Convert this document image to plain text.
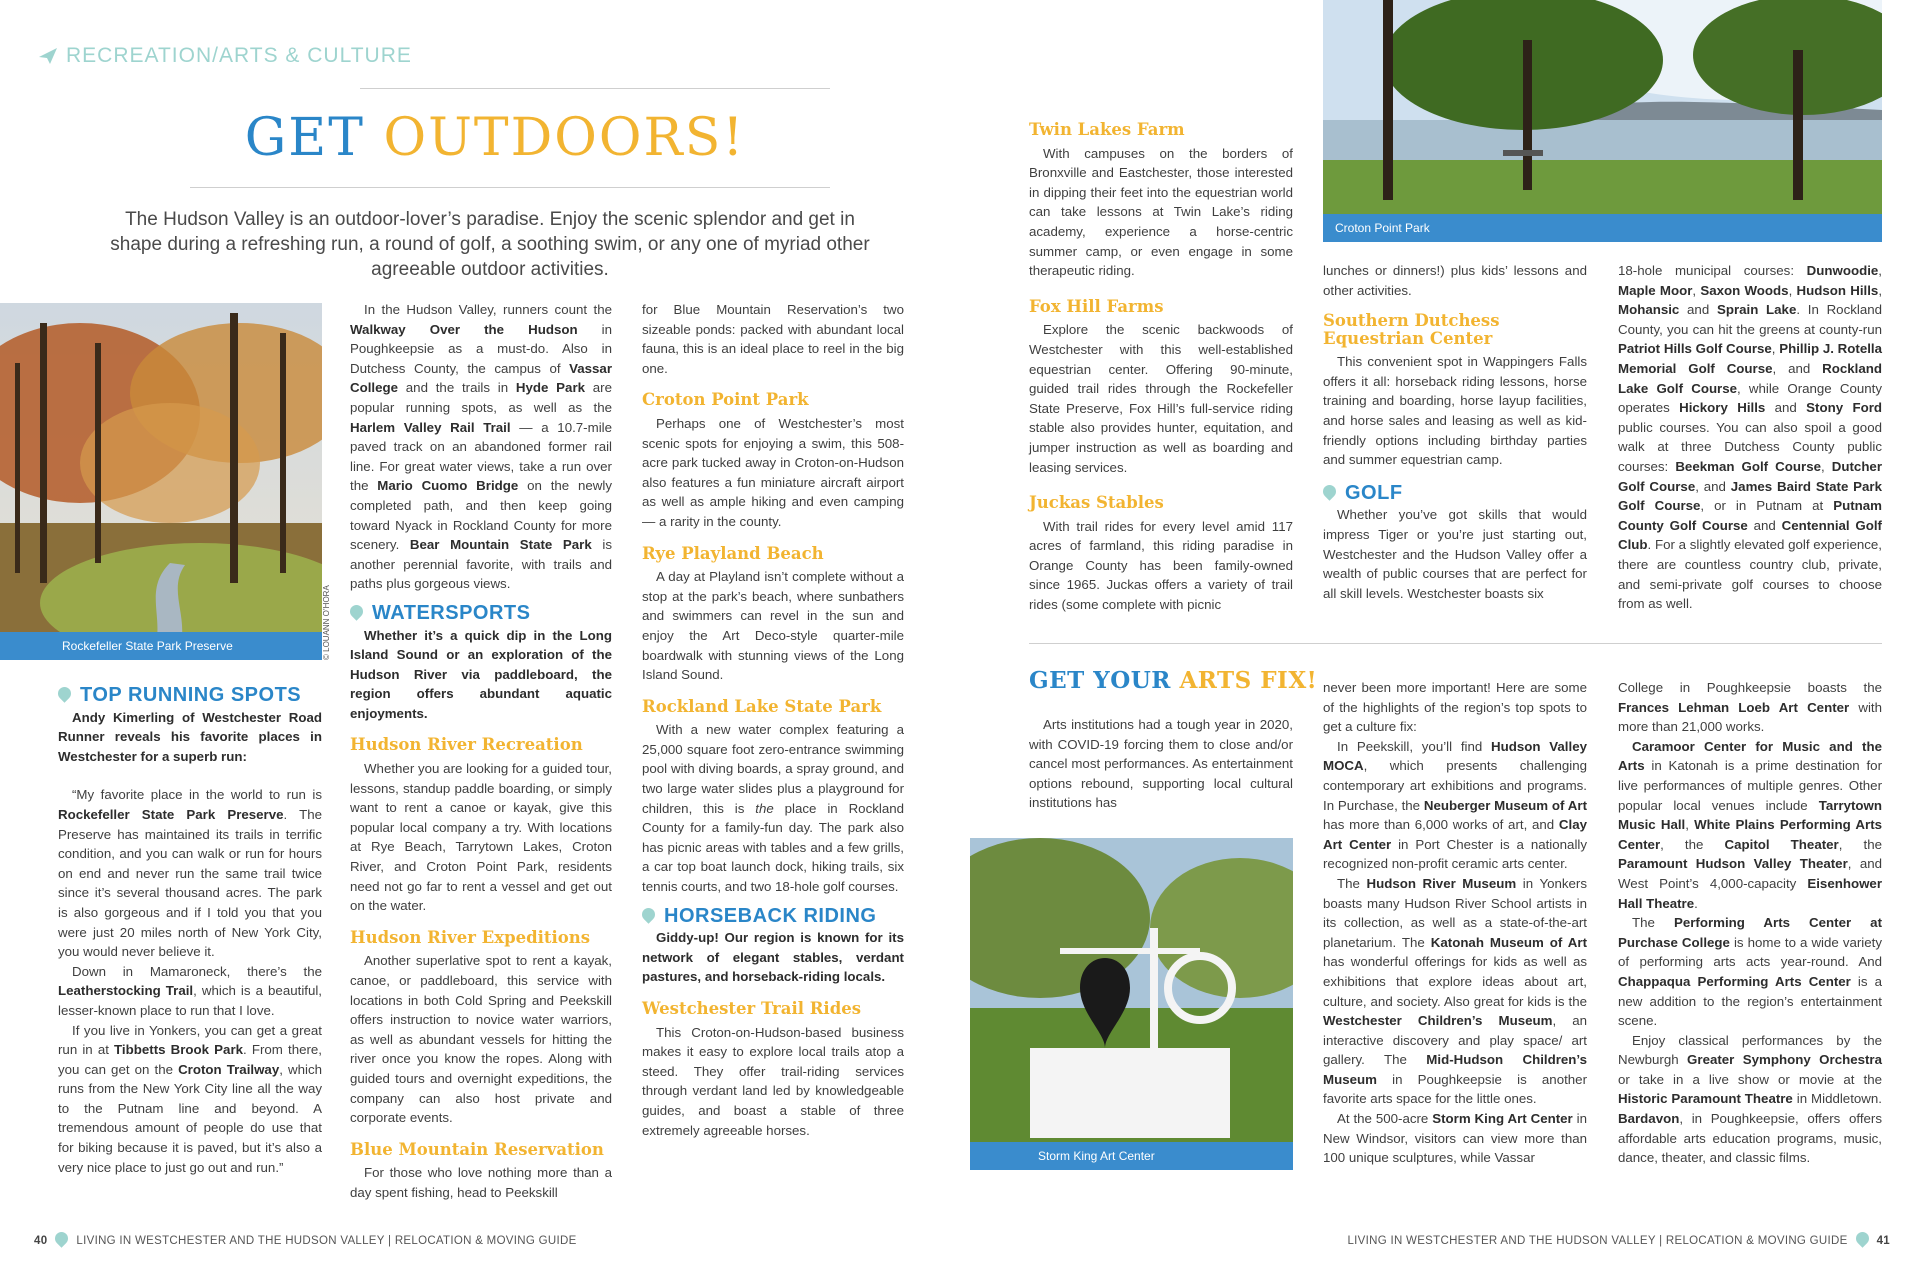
RECREATION/ARTS & CULTURE
GET OUTDOORS!
The Hudson Valley is an outdoor-lover’s paradise. Enjoy the scenic splendor and get in shape during a refreshing run, a round of golf, a soothing swim, or any one of myriad other agreeable outdoor activities.
Rockefeller State Park Preserve	© LOUANN O’HORA
TOP RUNNING SPOTS

Andy Kimerling of Westchester Road Runner reveals his favorite places in Westchester for a superb run:

“My favorite place in the world to run is Rockefeller State Park Preserve. The Preserve has maintained its trails in terrific condition, and you can walk or run for hours on end and never run the same trail twice since it’s several thousand acres. The park is also gorgeous and if I told you that you were just 20 miles north of New York City, you would never believe it.

Down in Mamaroneck, there’s the Leatherstocking Trail, which is a beautiful, lesser-known place to run that I love.

If you live in Yonkers, you can get a great run in at Tibbetts Brook Park. From there, you can get on the Croton Trailway, which runs from the New York City line all the way to the Putnam line and beyond. A tremendous amount of people do use that for biking because it is paved, but it’s also a very nice place to just go out and run.”

In the Hudson Valley, runners count the Walkway Over the Hudson in Poughkeepsie as a must-do. Also in Dutchess County, the campus of Vassar College and the trails in Hyde Park are popular running spots, as well as the Harlem Valley Rail Trail — a 10.7-mile paved track on an abandoned former rail line. For great water views, take a run over the Mario Cuomo Bridge on the newly completed path, and then keep going toward Nyack in Rockland County for more scenery. Bear Mountain State Park is another perennial favorite, with trails and paths plus gorgeous views.

WATERSPORTS

Whether it’s a quick dip in the Long Island Sound or an exploration of the Hudson River via paddleboard, the region offers abundant aquatic enjoyments.

Hudson River Recreation

Whether you are looking for a guided tour, lessons, standup paddle boarding, or simply want to rent a canoe or kayak, give this popular local company a try. With locations at Rye Beach, Tarrytown Lakes, Croton River, and Croton Point Park, residents need not go far to rent a vessel and get out on the water.

Hudson River Expeditions

Another superlative spot to rent a kayak, canoe, or paddleboard, this service with locations in both Cold Spring and Peekskill offers instruction to novice water warriors, as well as abundant vessels for hitting the river once you know the ropes. Along with guided tours and overnight expeditions, the company can also host private and corporate events.

Blue Mountain Reservation

For those who love nothing more than a day spent fishing, head to Peekskill

for Blue Mountain Reservation’s two sizeable ponds: packed with abundant local fauna, this is an ideal place to reel in the big one.

Croton Point Park

Perhaps one of Westchester’s most scenic spots for enjoying a swim, this 508-acre park tucked away in Croton-on-Hudson also features a fun miniature aircraft airport as well as ample hiking and even camping — a rarity in the county.

Rye Playland Beach

A day at Playland isn’t complete without a stop at the park’s beach, where sunbathers and swimmers can revel in the sun and enjoy the Art Deco-style quarter-mile boardwalk with stunning views of the Long Island Sound.

Rockland Lake State Park

With a new water complex featuring a 25,000 square foot zero-entrance swimming pool with diving boards, a spray ground, and two large water slides plus a playground for children, this is the place in Rockland County for a family-fun day. The park also has picnic areas with tables and a few grills, a car top boat launch dock, hiking trails, six tennis courts, and two 18-hole golf courses.

HORSEBACK RIDING

Giddy-up! Our region is known for its network of elegant stables, verdant pastures, and horseback-riding locals.

Westchester Trail Rides

This Croton-on-Hudson-based business makes it easy to explore local trails atop a steed. They offer trail-riding services through verdant land led by knowledgeable guides, and boast a stable of three extremely agreeable horses.

Croton Point Park
Twin Lakes Farm

With campuses on the borders of Bronxville and Eastchester, those interested in dipping their feet into the equestrian world can take lessons at Twin Lake’s riding academy, experience a horse-centric summer camp, or even engage in some therapeutic riding.

Fox Hill Farms

Explore the scenic backwoods of Westchester with this well-established equestrian center. Offering 90-minute, guided trail rides through the Rockefeller State Preserve, Fox Hill’s full-service riding stable also provides hunter, equitation, and jumper instruction as well as boarding and leasing services.

Juckas Stables

With trail rides for every level amid 117 acres of farmland, this riding paradise in Orange County has been family-owned since 1965. Juckas offers a variety of trail rides (some complete with picnic

lunches or dinners!) plus kids’ lessons and other activities.

Southern Dutchess Equestrian Center

This convenient spot in Wappingers Falls offers it all: horseback riding lessons, horse training and boarding, horse layup facilities, and horse sales and leasing as well as kid-friendly options including birthday parties and summer equestrian camp.

GOLF

Whether you’ve got skills that would impress Tiger or you’re just starting out, Westchester and the Hudson Valley offer a wealth of public courses that are perfect for all skill levels. Westchester boasts six

18-hole municipal courses: Dunwoodie, Maple Moor, Saxon Woods, Hudson Hills, Mohansic and Sprain Lake. In Rockland County, you can hit the greens at county-run Patriot Hills Golf Course, Phillip J. Rotella Memorial Golf Course, and Rockland Lake Golf Course, while Orange County operates Hickory Hills and Stony Ford public courses. You can also spoil a good walk at three Dutchess County public courses: Beekman Golf Course, Dutcher Golf Course, and James Baird State Park Golf Course, or in Putnam at Putnam County Golf Course and Centennial Golf Club. For a slightly elevated golf experience, there are countless country club, private, and semi-private golf courses to choose from as well.

GET YOUR ARTS FIX!

Arts institutions had a tough year in 2020, with COVID-19 forcing them to close and/or cancel most performances. As entertainment options rebound, supporting local cultural institutions has

Storm King Art Center

never been more important! Here are some of the highlights of the region’s top spots to get a culture fix:

In Peekskill, you’ll find Hudson Valley MOCA, which presents challenging contemporary art exhibitions and programs. In Purchase, the Neuberger Museum of Art has more than 6,000 works of art, and Clay Art Center in Port Chester is a nationally recognized non-profit ceramic arts center.

The Hudson River Museum in Yonkers boasts many Hudson River School artists in its collection, as well as a state-of-the-art planetarium. The Katonah Museum of Art has wonderful offerings for kids as well as exhibitions that explore ideas about art, culture, and society. Also great for kids is the Westchester Children’s Museum, an interactive discovery and play space/ art gallery. The Mid-Hudson Children’s Museum in Poughkeepsie is another favorite arts space for the little ones.

At the 500-acre Storm King Art Center in New Windsor, visitors can view more than 100 unique sculptures, while Vassar

College in Poughkeepsie boasts the Frances Lehman Loeb Art Center with more than 21,000 works.

Caramoor Center for Music and the Arts in Katonah is a prime destination for live performances of multiple genres. Other popular local venues include Tarrytown Music Hall, White Plains Performing Arts Center, the Capitol Theater, the Paramount Hudson Valley Theater, and West Point’s 4,000-capacity Eisenhower Hall Theatre.

The Performing Arts Center at Purchase College is home to a wide variety of performing arts acts year-round. And Chappaqua Performing Arts Center is a new addition to the region’s entertainment scene.

Enjoy classical performances by the Newburgh Greater Symphony Orchestra or take in a live show or movie at the Historic Paramount Theatre in Middletown. Bardavon, in Poughkeepsie, offers offers affordable arts education programs, music, dance, theater, and classic films.

40	LIVING IN WESTCHESTER AND THE HUDSON VALLEY | RELOCATION & MOVING GUIDE	LIVING IN WESTCHESTER AND THE HUDSON VALLEY | RELOCATION & MOVING GUIDE	41
